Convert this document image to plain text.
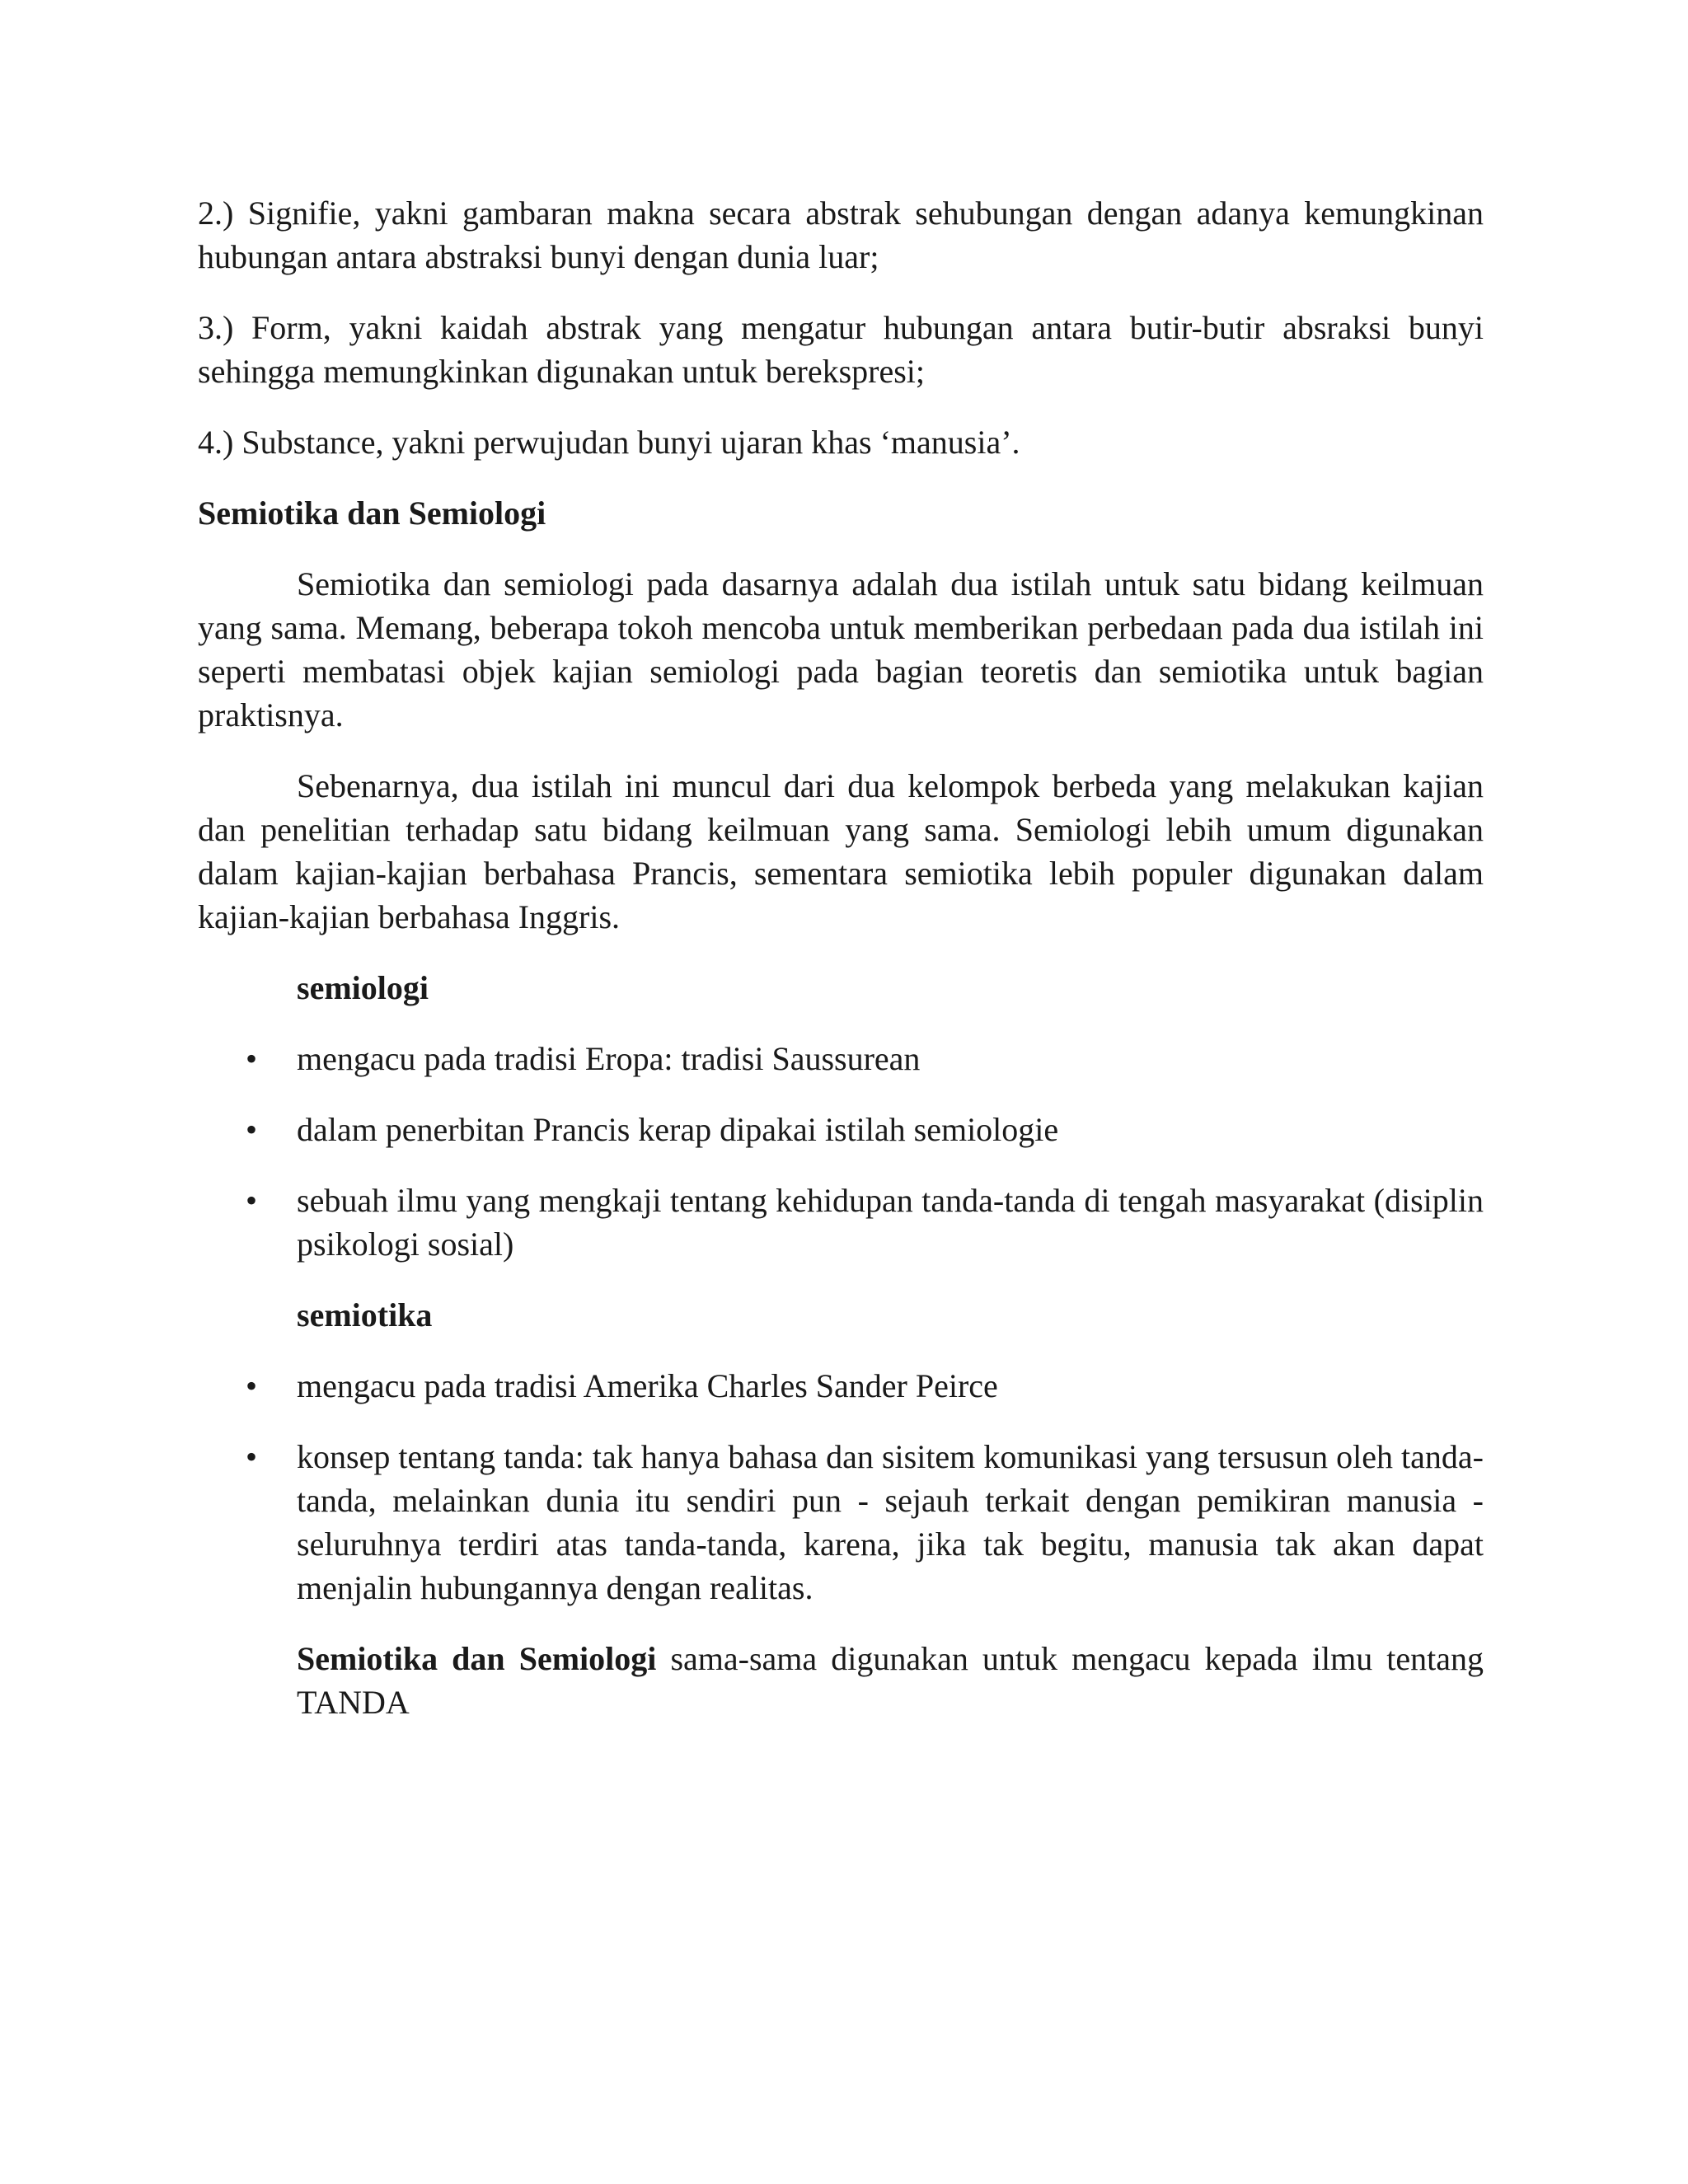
2.) Signifie, yakni gambaran makna secara abstrak sehubungan dengan adanya kemungkinan hubungan antara abstraksi bunyi dengan dunia luar;

3.) Form, yakni kaidah abstrak yang mengatur hubungan antara butir-butir absraksi bunyi sehingga memungkinkan digunakan untuk berekspresi;

4.) Substance, yakni perwujudan bunyi ujaran khas ‘manusia’.

Semiotika dan Semiologi

Semiotika dan semiologi pada dasarnya adalah dua istilah untuk satu bidang keilmuan yang sama. Memang, beberapa tokoh mencoba untuk memberikan perbedaan pada dua istilah ini seperti membatasi objek kajian semiologi pada bagian teoretis dan semiotika untuk bagian praktisnya.

Sebenarnya, dua istilah ini muncul dari dua kelompok berbeda yang melakukan kajian dan penelitian terhadap satu bidang keilmuan yang sama. Semiologi lebih umum digunakan dalam kajian-kajian berbahasa Prancis, sementara semiotika lebih populer digunakan dalam kajian-kajian berbahasa Inggris.

semiologi
• mengacu pada tradisi Eropa: tradisi Saussurean
• dalam penerbitan Prancis kerap dipakai istilah semiologie
• sebuah ilmu yang mengkaji tentang kehidupan tanda-tanda di tengah masyarakat (disiplin psikologi sosial)
semiotika
• mengacu pada tradisi Amerika Charles Sander Peirce
• konsep tentang tanda: tak hanya bahasa dan sisitem komunikasi yang tersusun oleh tanda-tanda, melainkan dunia itu sendiri pun - sejauh terkait dengan pemikiran manusia - seluruhnya terdiri atas tanda-tanda, karena, jika tak begitu, manusia tak akan dapat menjalin hubungannya dengan realitas.

Semiotika dan Semiologi sama-sama digunakan untuk mengacu kepada ilmu tentang TANDA
